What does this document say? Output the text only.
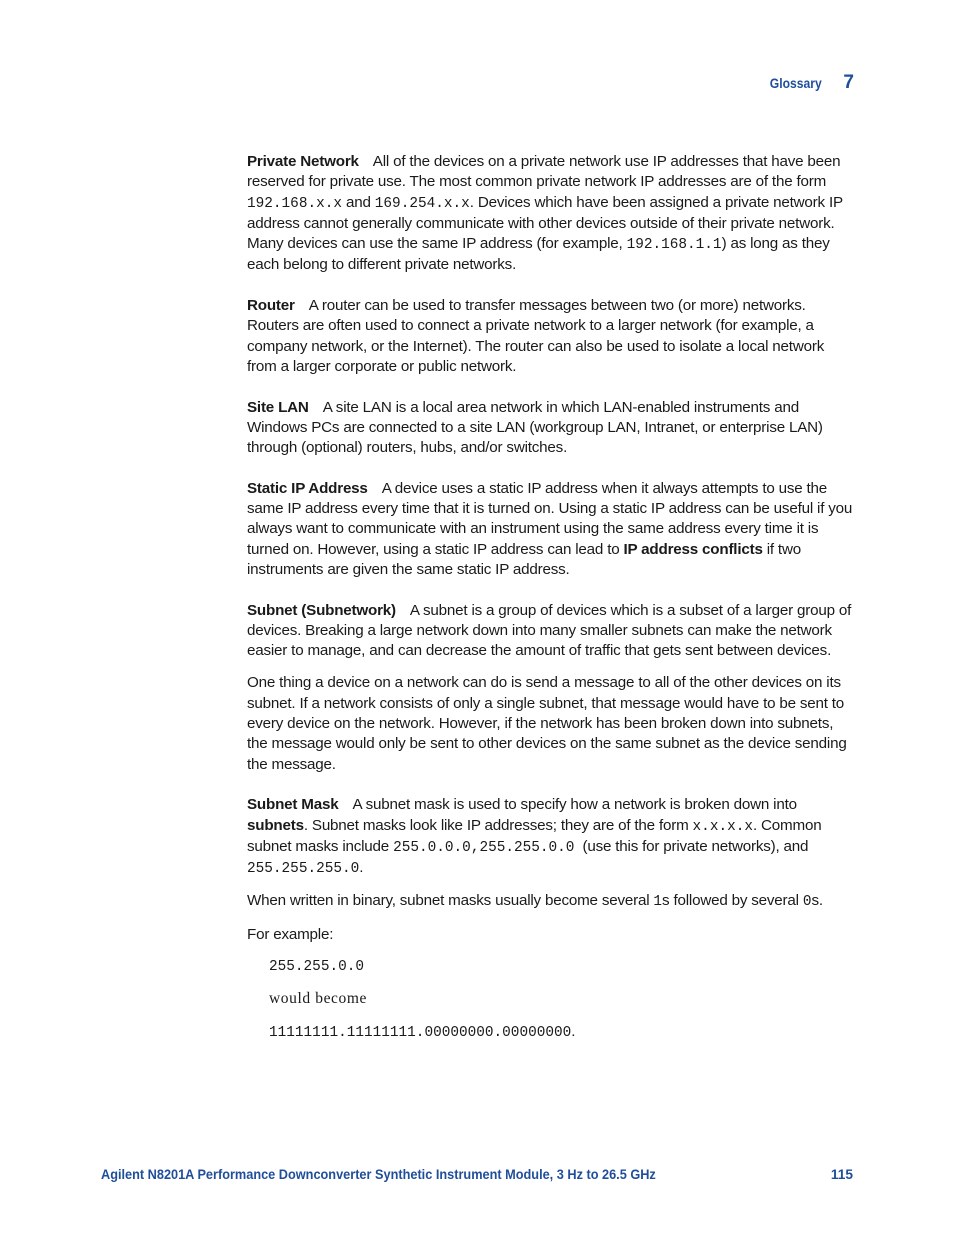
Glossary 7

Private Network All of the devices on a private network use IP addresses that have been reserved for private use. The most common private network IP addresses are of the form 192.168.x.x and 169.254.x.x. Devices which have been assigned a private network IP address cannot generally communicate with other devices outside of their private network. Many devices can use the same IP address (for example, 192.168.1.1) as long as they each belong to different private networks.

Router A router can be used to transfer messages between two (or more) networks. Routers are often used to connect a private network to a larger network (for example, a company network, or the Internet). The router can also be used to isolate a local network from a larger corporate or public network.

Site LAN A site LAN is a local area network in which LAN-enabled instruments and Windows PCs are connected to a site LAN (workgroup LAN, Intranet, or enterprise LAN) through (optional) routers, hubs, and/or switches.

Static IP Address A device uses a static IP address when it always attempts to use the same IP address every time that it is turned on. Using a static IP address can be useful if you always want to communicate with an instrument using the same address every time it is turned on. However, using a static IP address can lead to IP address conflicts if two instruments are given the same static IP address.

Subnet (Subnetwork) A subnet is a group of devices which is a subset of a larger group of devices. Breaking a large network down into many smaller subnets can make the network easier to manage, and can decrease the amount of traffic that gets sent between devices.

One thing a device on a network can do is send a message to all of the other devices on its subnet. If a network consists of only a single subnet, that message would have to be sent to every device on the network. However, if the network has been broken down into subnets, the message would only be sent to other devices on the same subnet as the device sending the message.

Subnet Mask A subnet mask is used to specify how a network is broken down into subnets. Subnet masks look like IP addresses; they are of the form x.x.x.x. Common subnet masks include 255.0.0.0,255.255.0.0  (use this for private networks), and 255.255.255.0.

When written in binary, subnet masks usually become several 1s followed by several 0s.

For example:

255.255.0.0
would become
11111111.11111111.00000000.00000000.
Agilent N8201A Performance Downconverter Synthetic Instrument Module, 3 Hz to 26.5 GHz	115
